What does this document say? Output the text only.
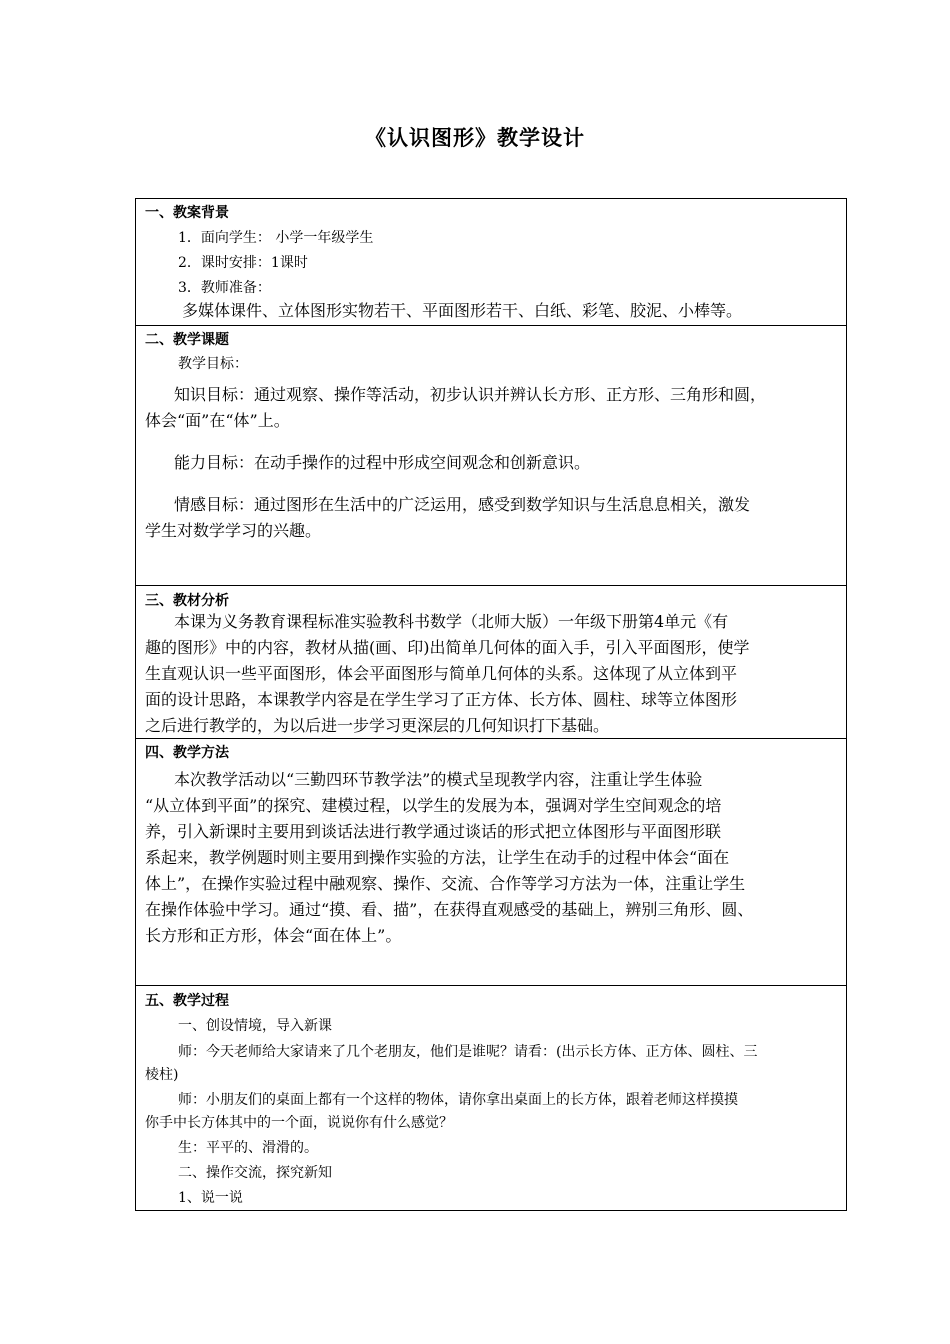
《认识图形》教学设计
一、教案背景
1．面向学生： 小学一年级学生
2．课时安排：1课时
3．教师准备：
多媒体课件、立体图形实物若干、平面图形若干、白纸、彩笔、胶泥、小棒等。
二、教学课题
教学目标：
知识目标：通过观察、操作等活动，初步认识并辨认长方形、正方形、三角形和圆，
体会“面”在“体”上。
能力目标：在动手操作的过程中形成空间观念和创新意识。
情感目标：通过图形在生活中的广泛运用，感受到数学知识与生活息息相关，激发
学生对数学学习的兴趣。
三、教材分析
本课为义务教育课程标准实验教科书数学（北师大版）一年级下册第4单元《有
趣的图形》中的内容，教材从描(画、印)出简单几何体的面入手，引入平面图形，使学
生直观认识一些平面图形，体会平面图形与简单几何体的头系。这体现了从立体到平
面的设计思路，本课教学内容是在学生学习了正方体、长方体、圆柱、球等立体图形
之后进行教学的，为以后进一步学习更深层的几何知识打下基础。
四、教学方法
本次教学活动以“三勤四环节教学法”的模式呈现教学内容，注重让学生体验
“从立体到平面”的探究、建模过程，以学生的发展为本，强调对学生空间观念的培
养，引入新课时主要用到谈话法进行教学通过谈话的形式把立体图形与平面图形联
系起来，教学例题时则主要用到操作实验的方法，让学生在动手的过程中体会“面在
体上”，在操作实验过程中融观察、操作、交流、合作等学习方法为一体，注重让学生
在操作体验中学习。通过“摸、看、描”，在获得直观感受的基础上，辨别三角形、圆、
长方形和正方形，体会“面在体上”。
五、教学过程
一、创设情境，导入新课
师：今天老师给大家请来了几个老朋友，他们是谁呢？请看：(出示长方体、正方体、圆柱、三
棱柱)
师：小朋友们的桌面上都有一个这样的物体，请你拿出桌面上的长方体，跟着老师这样摸摸
你手中长方体其中的一个面，说说你有什么感觉？
生：平平的、滑滑的。
二、操作交流，探究新知
1、说一说
